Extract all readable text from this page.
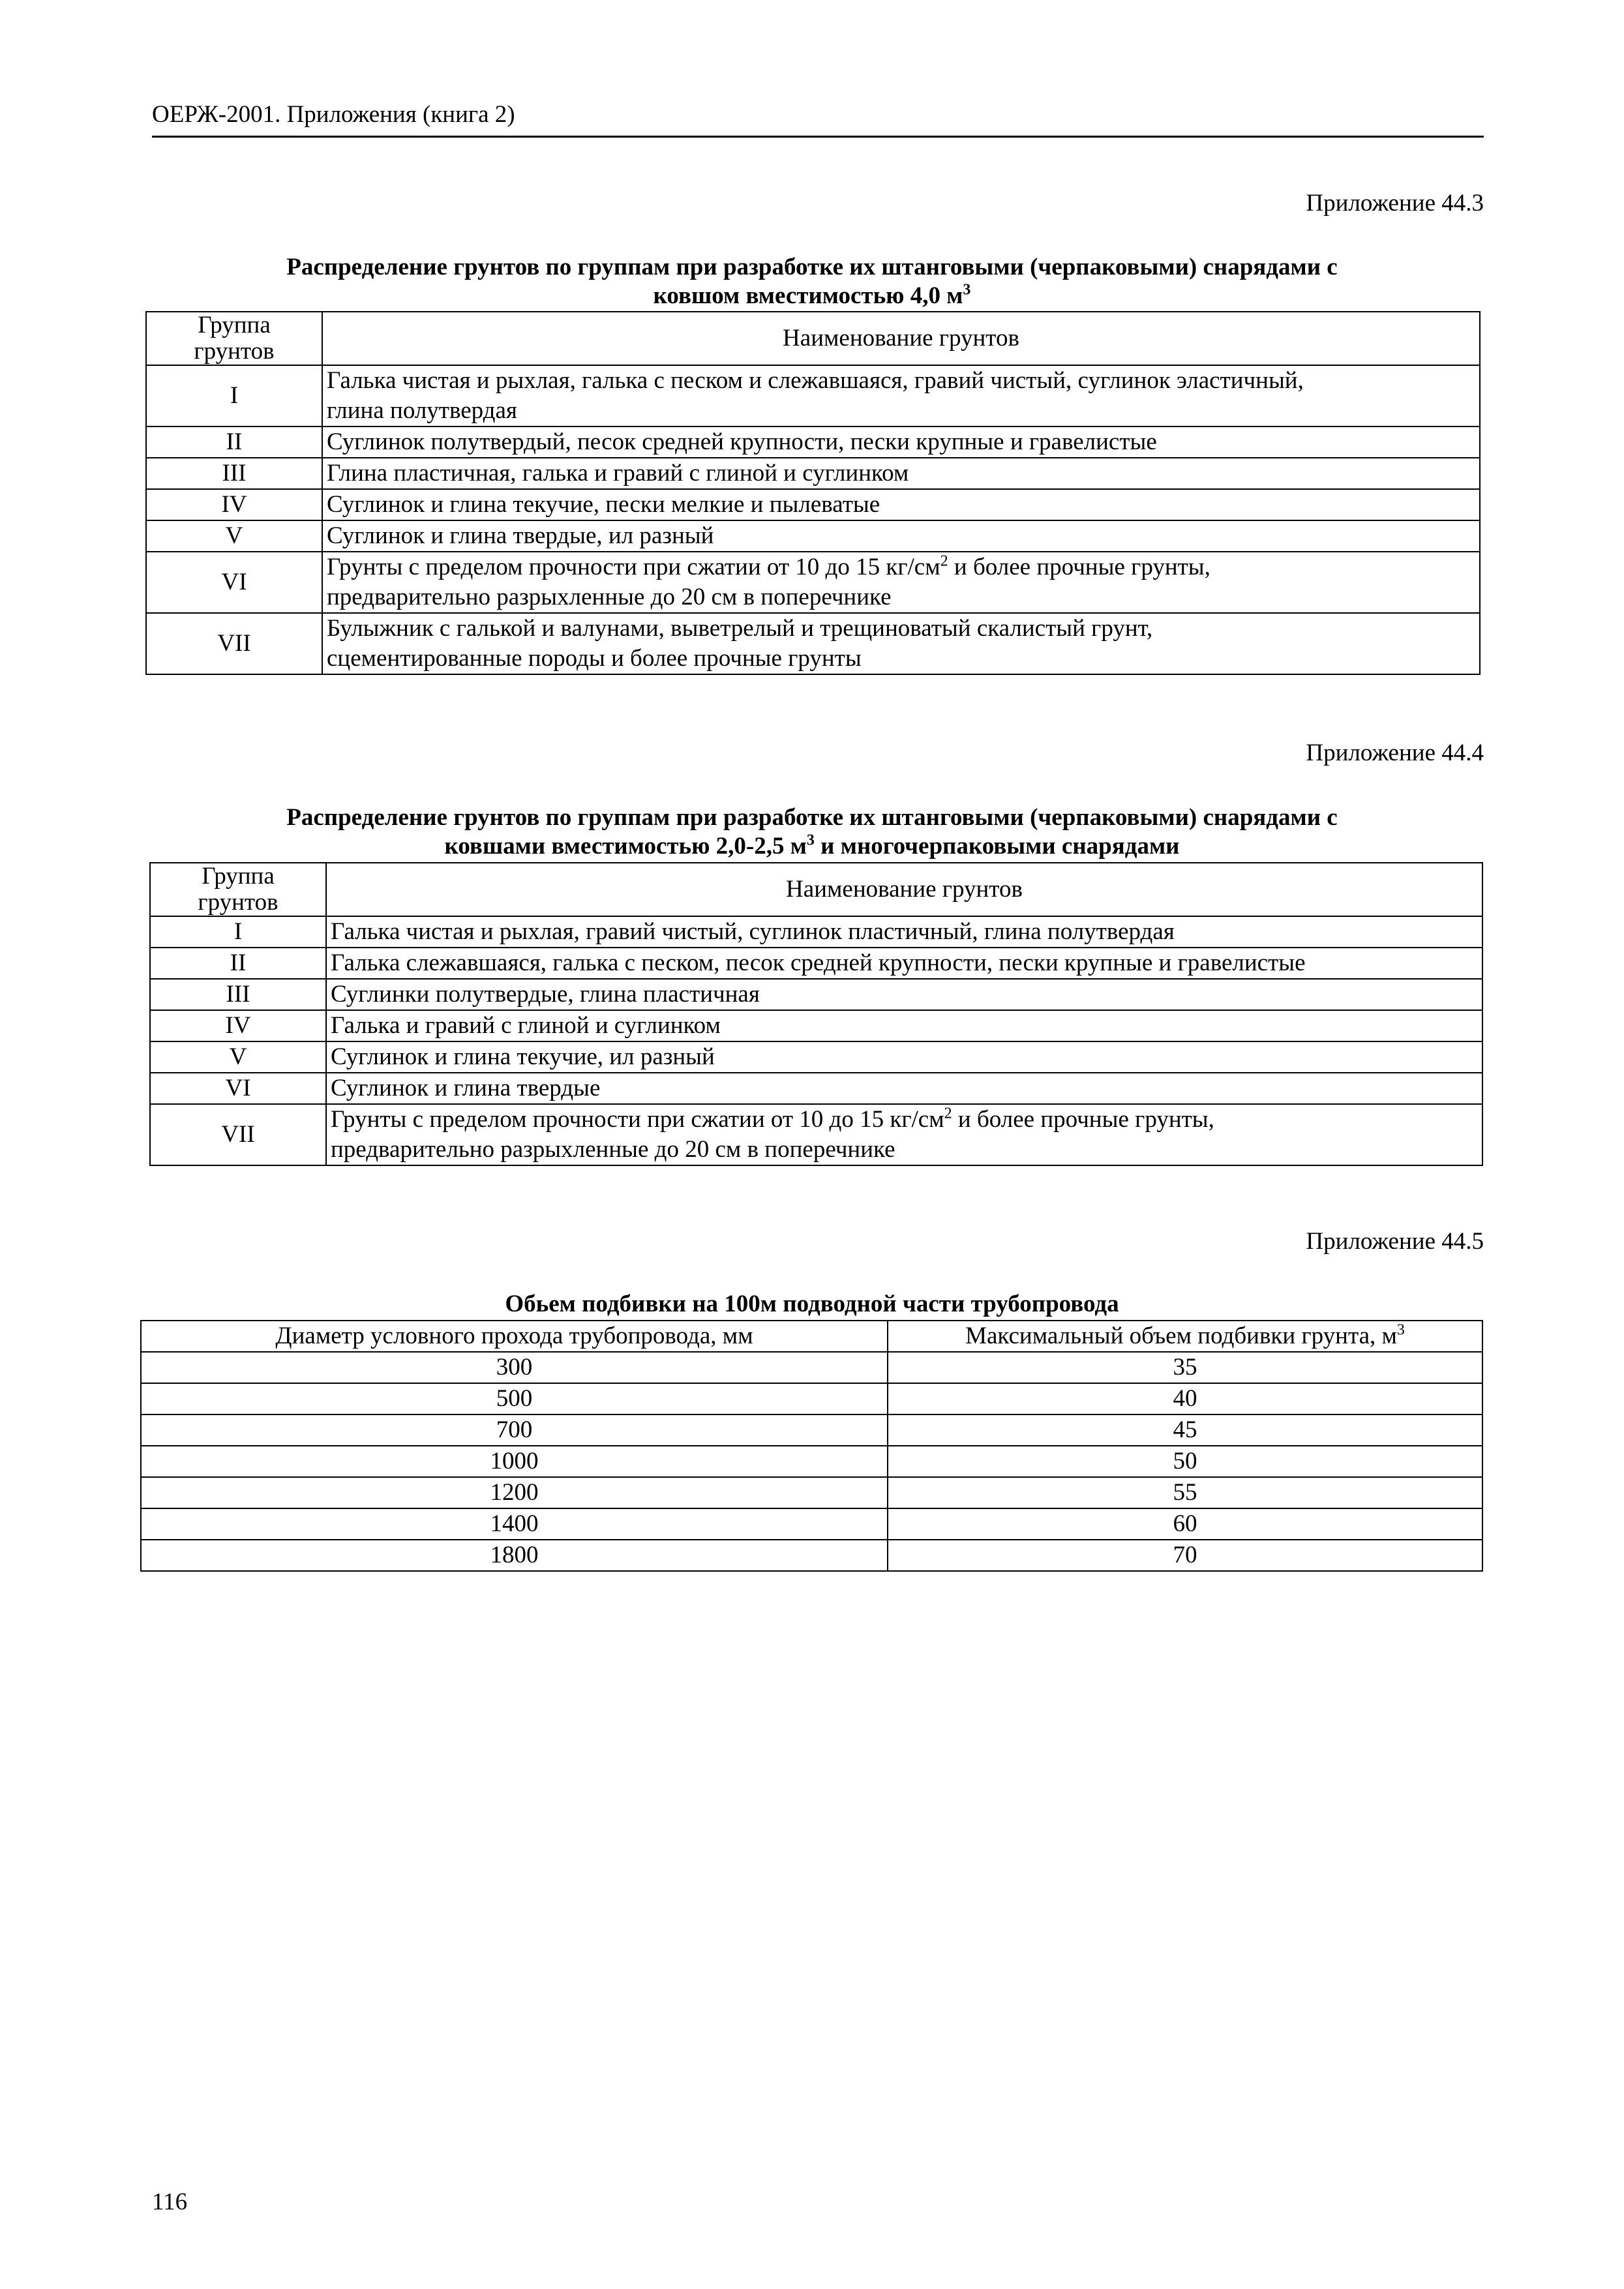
ОЕРЖ-2001. Приложения (книга 2)
Приложение 44.3
Распределение грунтов по группам при разработке их штанговыми (черпаковыми) снарядами с
ковшом вместимостью 4,0 $м^3$
Группа
грунтов	Наименование грунтов
I	Галька чистая и рыхлая, галька с песком и слежавшаяся, гравий чистый, суглинок эластичный,
глина полутвердая

II	Суглинок полутвердый, песок средней крупности, пески крупные и гравелистые

III	Глина пластичная, галька и гравий с глиной и суглинком

IV	Суглинок и глина текучие, пески мелкие и пылеватые

V	Суглинок и глина твердые, ил разный

VI	Грунты с пределом прочности при сжатии от 10 до 15 $кг/см^2$ и более прочные грунты,
предварительно разрыхленные до 20 см в поперечнике

VII	Булыжник с галькой и валунами, выветрелый и трещиноватый скалистый грунт,
сцементированные породы и более прочные грунты
Приложение 44.4
Распределение грунтов по группам при разработке их штанговыми (черпаковыми) снарядами с
ковшами вместимостью 2,0-2,5 $м^3$ и многочерпаковыми снарядами
Группа
грунтов	Наименование грунтов
I	Галька чистая и рыхлая, гравий чистый, суглинок пластичный, глина полутвердая

II	Галька слежавшаяся, галька с песком, песок средней крупности, пески крупные и гравелистые

III	Суглинки полутвердые, глина пластичная

IV	Галька и гравий с глиной и суглинком

V	Суглинок и глина текучие, ил разный

VI	Суглинок и глина твердые

VII	Грунты с пределом прочности при сжатии от 10 до 15 $кг/см^2$ и более прочные грунты,
предварительно разрыхленные до 20 см в поперечнике
Приложение 44.5
Обьем подбивки на 100м подводной части трубопровода
Диаметр условного прохода трубопровода, мм	Максимальный объем подбивки грунта, $м^3$
300	35
500	40
700	45
1000	50
1200	55
1400	60
1800	70
116
